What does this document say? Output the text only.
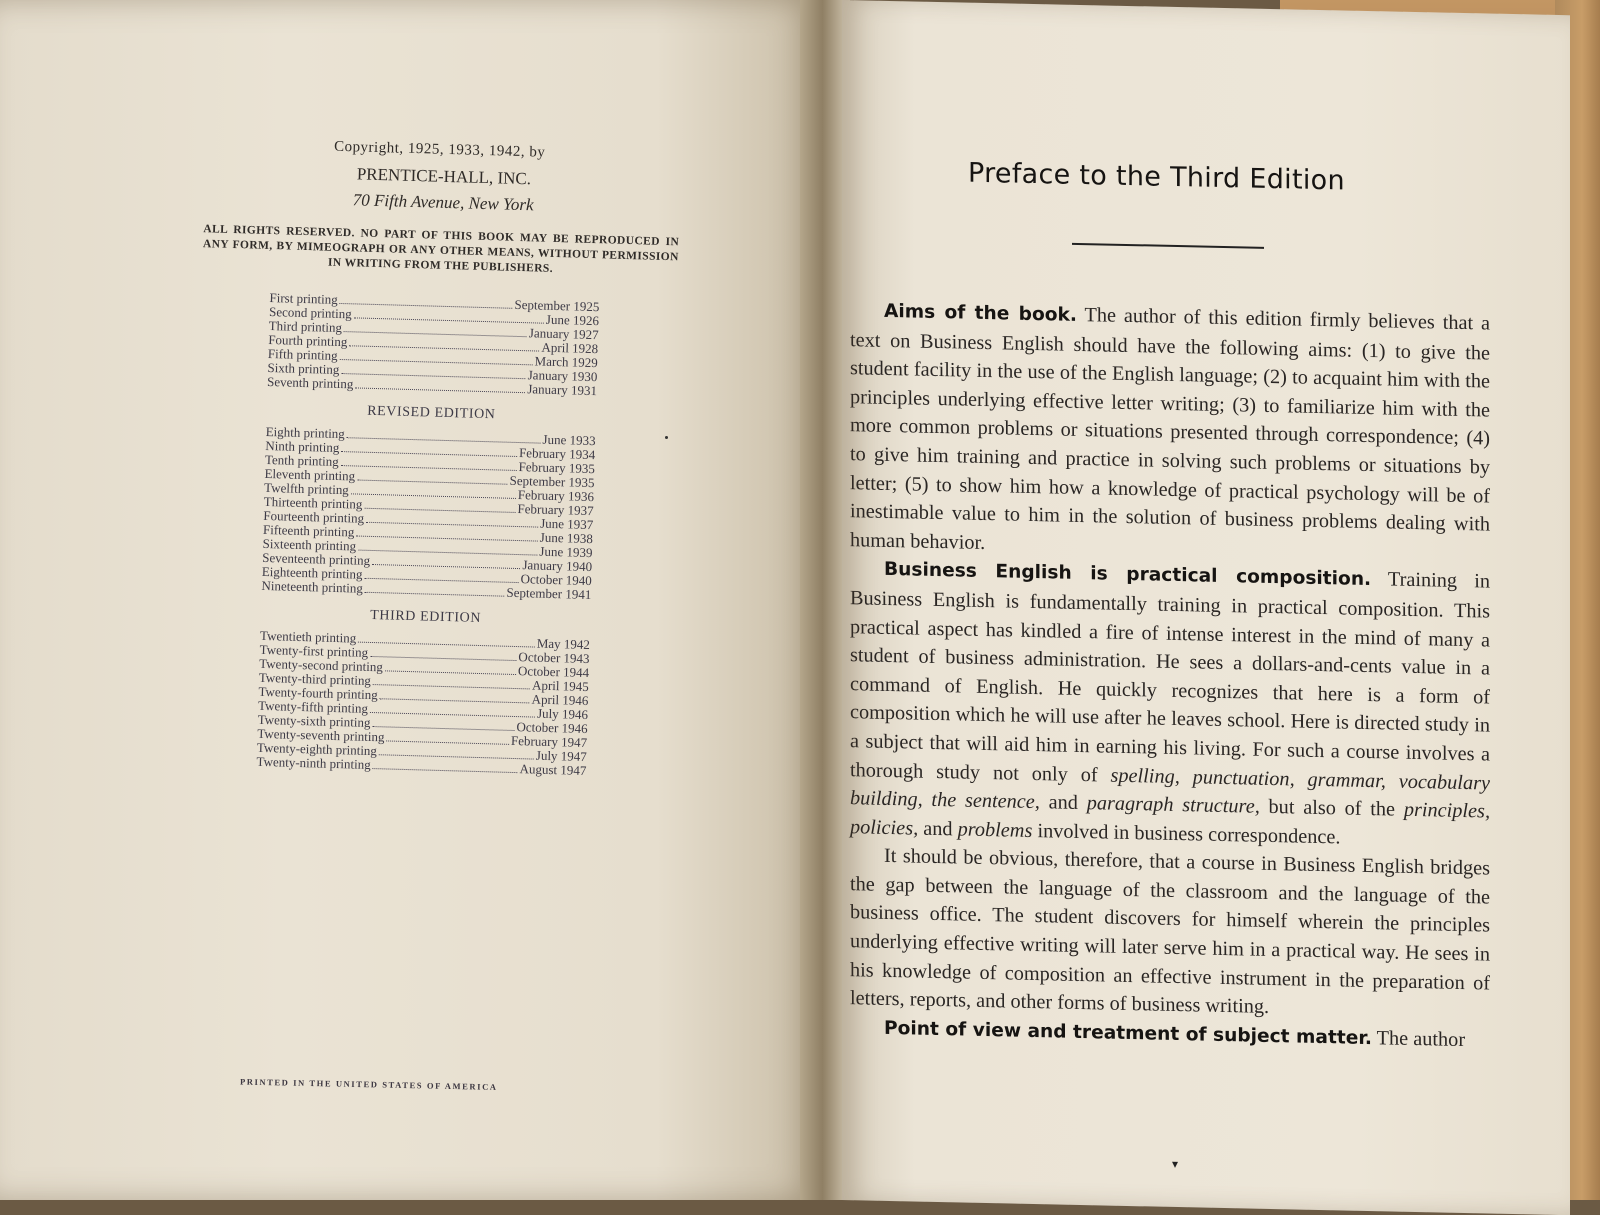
Copyright, 1925, 1933, 1942, by
PRENTICE-HALL, INC.
70 Fifth Avenue, New York
ALL RIGHTS RESERVED. NO PART OF THIS BOOK MAY BE REPRODUCED IN ANY FORM, BY MIMEOGRAPH OR ANY OTHER MEANS, WITHOUT PERMISSION IN WRITING FROM THE PUBLISHERS.
First printing	September 1925
Second printing	June 1926
Third printing	January 1927
Fourth printing	April 1928
Fifth printing	March 1929
Sixth printing	January 1930
Seventh printing	January 1931
REVISED EDITION
Eighth printing	June 1933
Ninth printing	February 1934
Tenth printing	February 1935
Eleventh printing	September 1935
Twelfth printing	February 1936
Thirteenth printing	February 1937
Fourteenth printing	June 1937
Fifteenth printing	June 1938
Sixteenth printing	June 1939
Seventeenth printing	January 1940
Eighteenth printing	October 1940
Nineteenth printing	September 1941
THIRD EDITION
Twentieth printing	May 1942
Twenty-first printing	October 1943
Twenty-second printing	October 1944
Twenty-third printing	April 1945
Twenty-fourth printing	April 1946
Twenty-fifth printing	July 1946
Twenty-sixth printing	October 1946
Twenty-seventh printing	February 1947
Twenty-eighth printing	July 1947
Twenty-ninth printing	August 1947
PRINTED IN THE UNITED STATES OF AMERICA
Preface to the Third Edition

Aims of the book. The author of this edition firmly believes that a text on Business English should have the following aims: (1) to give the student facility in the use of the English language; (2) to acquaint him with the principles underlying effective letter writing; (3) to familiarize him with the more common problems or situations presented through correspondence; (4) to give him training and practice in solving such problems or situations by letter; (5) to show him how a knowledge of practical psychology will be of inestimable value to him in the solution of business problems dealing with human behavior.

Business English is practical composition. Training in Business English is fundamentally training in practical composition. This practical aspect has kindled a fire of intense interest in the mind of many a student of business administration. He sees a dollars-and-cents value in a command of English. He quickly recognizes that here is a form of composition which he will use after he leaves school. Here is directed study in a subject that will aid him in earning his living. For such a course involves a thorough study not only of spelling, punctuation, grammar, vocabulary building, the sentence, and paragraph structure, but also of the principles, policies, and problems involved in business correspondence.

It should be obvious, therefore, that a course in Business English bridges the gap between the language of the classroom and the language of the business office. The student discovers for himself wherein the principles underlying effective writing will later serve him in a practical way. He sees in his knowledge of composition an effective instrument in the preparation of letters, reports, and other forms of business writing.

Point of view and treatment of subject matter. The author

▾
